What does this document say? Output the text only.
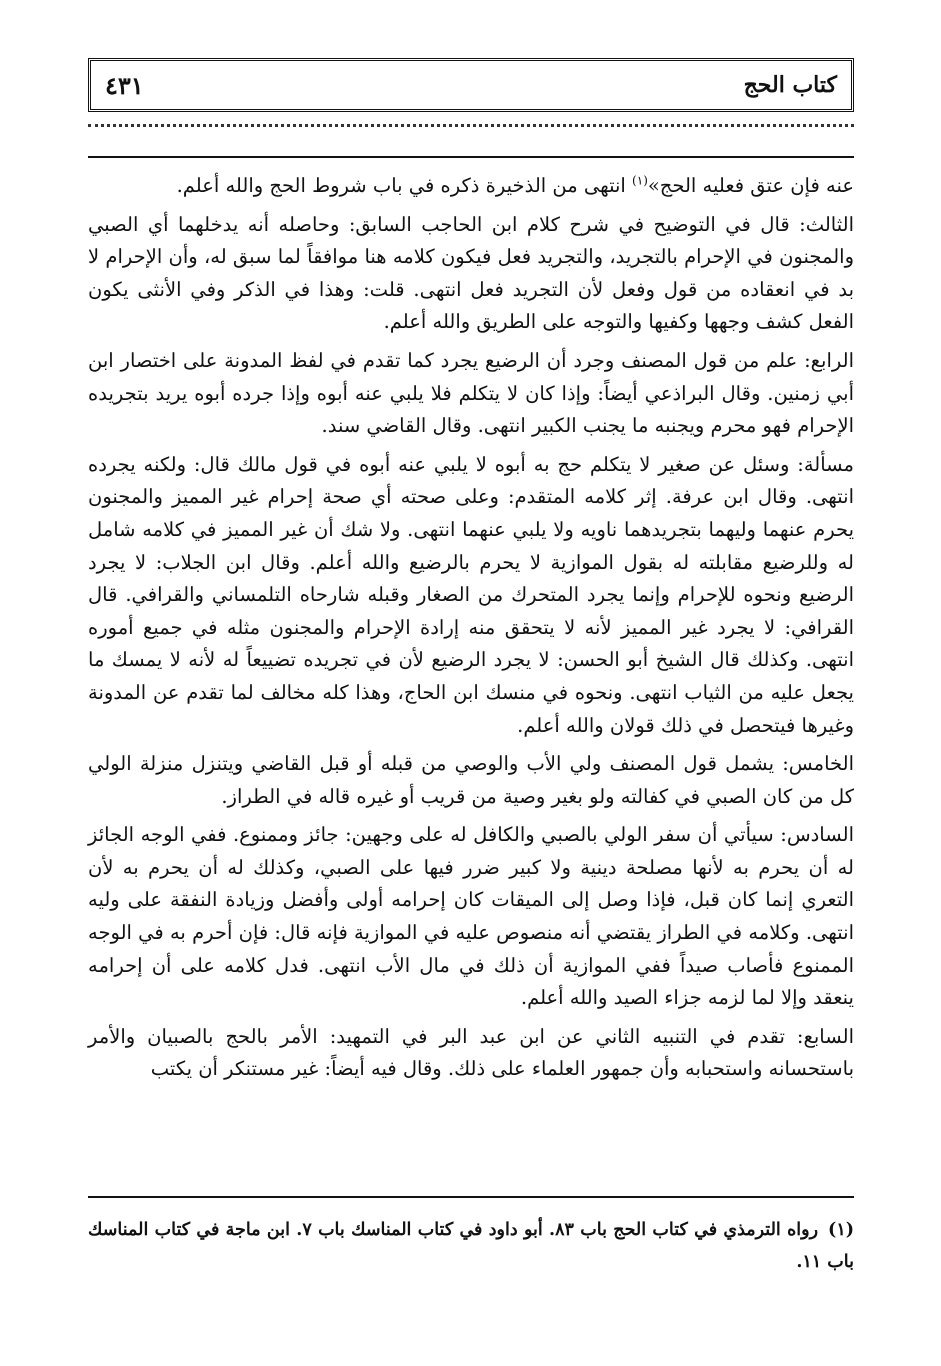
كتاب الحج
٤٣١

عنه فإن عتق فعليه الحج»$^{(١)}$ انتهى من الذخيرة ذكره في باب شروط الحج والله أعلم.

الثالث: قال في التوضيح في شرح كلام ابن الحاجب السابق: وحاصله أنه يدخلهما أي الصبي والمجنون في الإحرام بالتجريد، والتجريد فعل فيكون كلامه هنا موافقاً لما سبق له، وأن الإحرام لا بد في انعقاده من قول وفعل لأن التجريد فعل انتهى. قلت: وهذا في الذكر وفي الأنثى يكون الفعل كشف وجهها وكفيها والتوجه على الطريق والله أعلم.

الرابع: علم من قول المصنف وجرد أن الرضيع يجرد كما تقدم في لفظ المدونة على اختصار ابن أبي زمنين. وقال البراذعي أيضاً: وإذا كان لا يتكلم فلا يلبي عنه أبوه وإذا جرده أبوه يريد بتجريده الإحرام فهو محرم ويجنبه ما يجنب الكبير انتهى. وقال القاضي سند.

مسألة: وسئل عن صغير لا يتكلم حج به أبوه لا يلبي عنه أبوه في قول مالك قال: ولكنه يجرده انتهى. وقال ابن عرفة. إثر كلامه المتقدم: وعلى صحته أي صحة إحرام غير المميز والمجنون يحرم عنهما وليهما بتجريدهما ناويه ولا يلبي عنهما انتهى. ولا شك أن غير المميز في كلامه شامل له وللرضيع مقابلته له بقول الموازية لا يحرم بالرضيع والله أعلم. وقال ابن الجلاب: لا يجرد الرضيع ونحوه للإحرام وإنما يجرد المتحرك من الصغار وقبله شارحاه التلمساني والقرافي. قال القرافي: لا يجرد غير المميز لأنه لا يتحقق منه إرادة الإحرام والمجنون مثله في جميع أموره انتهى. وكذلك قال الشيخ أبو الحسن: لا يجرد الرضيع لأن في تجريده تضييعاً له لأنه لا يمسك ما يجعل عليه من الثياب انتهى. ونحوه في منسك ابن الحاج، وهذا كله مخالف لما تقدم عن المدونة وغيرها فيتحصل في ذلك قولان والله أعلم.

الخامس: يشمل قول المصنف ولي الأب والوصي من قبله أو قبل القاضي ويتنزل منزلة الولي كل من كان الصبي في كفالته ولو بغير وصية من قريب أو غيره قاله في الطراز.

السادس: سيأتي أن سفر الولي بالصبي والكافل له على وجهين: جائز وممنوع. ففي الوجه الجائز له أن يحرم به لأنها مصلحة دينية ولا كبير ضرر فيها على الصبي، وكذلك له أن يحرم به لأن التعري إنما كان قبل، فإذا وصل إلى الميقات كان إحرامه أولى وأفضل وزيادة النفقة على وليه انتهى. وكلامه في الطراز يقتضي أنه منصوص عليه في الموازية فإنه قال: فإن أحرم به في الوجه الممنوع فأصاب صيداً ففي الموازية أن ذلك في مال الأب انتهى. فدل كلامه على أن إحرامه ينعقد وإلا لما لزمه جزاء الصيد والله أعلم.

السابع: تقدم في التنبيه الثاني عن ابن عبد البر في التمهيد: الأمر بالحج بالصبيان والأمر باستحسانه واستحبابه وأن جمهور العلماء على ذلك. وقال فيه أيضاً: غير مستنكر أن يكتب

(١)رواه الترمذي في كتاب الحج باب ٨٣. أبو داود في كتاب المناسك باب ٧. ابن ماجة في كتاب المناسك باب ١١.
